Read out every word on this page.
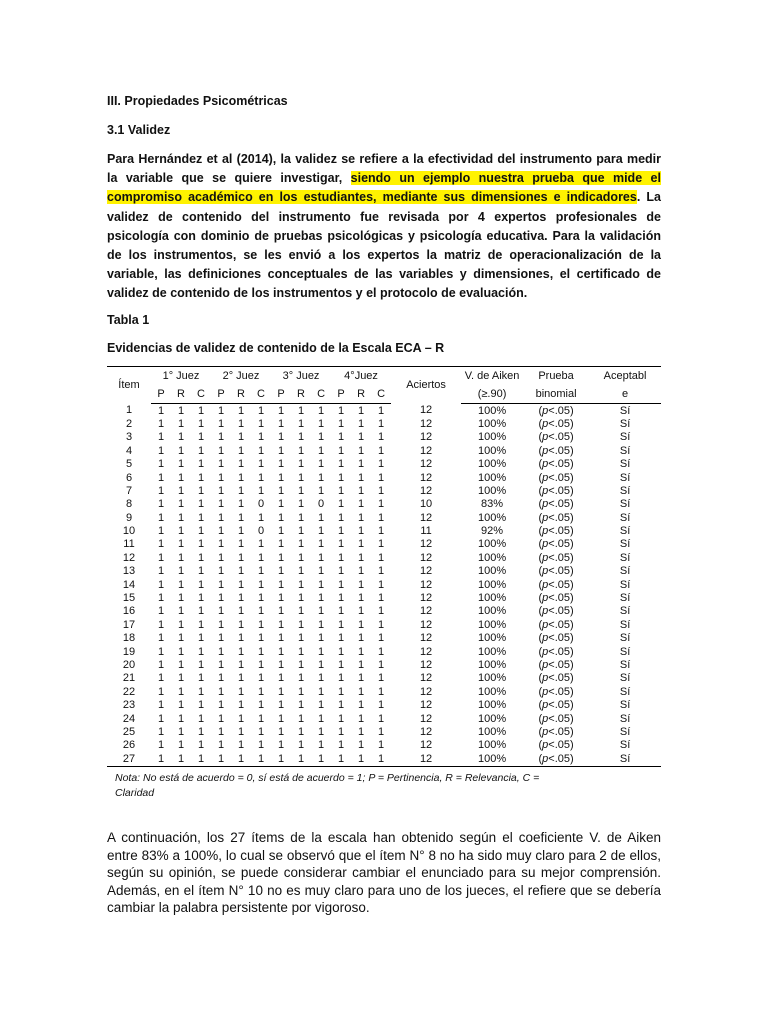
III. Propiedades Psicométricas
3.1 Validez
Para Hernández et al (2014), la validez se refiere a la efectividad del instrumento para medir la variable que se quiere investigar, siendo un ejemplo nuestra prueba que mide el compromiso académico en los estudiantes, mediante sus dimensiones e indicadores. La validez de contenido del instrumento fue revisada por 4 expertos profesionales de psicología con dominio de pruebas psicológicas y psicología educativa. Para la validación de los instrumentos, se les envió a los expertos la matriz de operacionalización de la variable, las definiciones conceptuales de las variables y dimensiones, el certificado de validez de contenido de los instrumentos y el protocolo de evaluación.
Tabla 1
Evidencias de validez de contenido de la Escala ECA – R
Ítem	1° Juez			2° Juez			3° Juez			4°Juez			Aciertos	V. de Aiken	Prueba	Aceptabl
	P	R	C	P	R	C	P	R	C	P	R	C		(≥.90)	binomial	e
1	1	1	1	1	1	1	1	1	1	1	1	1	12	100%	(p<.05)	Sí
2	1	1	1	1	1	1	1	1	1	1	1	1	12	100%	(p<.05)	Sí
3	1	1	1	1	1	1	1	1	1	1	1	1	12	100%	(p<.05)	Sí
4	1	1	1	1	1	1	1	1	1	1	1	1	12	100%	(p<.05)	Sí
5	1	1	1	1	1	1	1	1	1	1	1	1	12	100%	(p<.05)	Sí
6	1	1	1	1	1	1	1	1	1	1	1	1	12	100%	(p<.05)	Sí
7	1	1	1	1	1	1	1	1	1	1	1	1	12	100%	(p<.05)	Sí
8	1	1	1	1	1	0	1	1	0	1	1	1	10	83%	(p<.05)	Sí
9	1	1	1	1	1	1	1	1	1	1	1	1	12	100%	(p<.05)	Sí
10	1	1	1	1	1	0	1	1	1	1	1	1	11	92%	(p<.05)	Sí
11	1	1	1	1	1	1	1	1	1	1	1	1	12	100%	(p<.05)	Sí
12	1	1	1	1	1	1	1	1	1	1	1	1	12	100%	(p<.05)	Sí
13	1	1	1	1	1	1	1	1	1	1	1	1	12	100%	(p<.05)	Sí
14	1	1	1	1	1	1	1	1	1	1	1	1	12	100%	(p<.05)	Sí
15	1	1	1	1	1	1	1	1	1	1	1	1	12	100%	(p<.05)	Sí
16	1	1	1	1	1	1	1	1	1	1	1	1	12	100%	(p<.05)	Sí
17	1	1	1	1	1	1	1	1	1	1	1	1	12	100%	(p<.05)	Sí
18	1	1	1	1	1	1	1	1	1	1	1	1	12	100%	(p<.05)	Sí
19	1	1	1	1	1	1	1	1	1	1	1	1	12	100%	(p<.05)	Sí
20	1	1	1	1	1	1	1	1	1	1	1	1	12	100%	(p<.05)	Sí
21	1	1	1	1	1	1	1	1	1	1	1	1	12	100%	(p<.05)	Sí
22	1	1	1	1	1	1	1	1	1	1	1	1	12	100%	(p<.05)	Sí
23	1	1	1	1	1	1	1	1	1	1	1	1	12	100%	(p<.05)	Sí
24	1	1	1	1	1	1	1	1	1	1	1	1	12	100%	(p<.05)	Sí
25	1	1	1	1	1	1	1	1	1	1	1	1	12	100%	(p<.05)	Sí
26	1	1	1	1	1	1	1	1	1	1	1	1	12	100%	(p<.05)	Sí
27	1	1	1	1	1	1	1	1	1	1	1	1	12	100%	(p<.05)	Sí
Nota: No está de acuerdo = 0, sí está de acuerdo = 1; P = Pertinencia, R = Relevancia, C = Claridad
A continuación, los 27 ítems de la escala han obtenido según el coeficiente V. de Aiken entre 83% a 100%, lo cual se observó que el ítem N° 8 no ha sido muy claro para 2 de ellos, según su opinión, se puede considerar cambiar el enunciado para su mejor comprensión. Además, en el ítem N° 10 no es muy claro para uno de los jueces, el refiere que se debería cambiar la palabra persistente por vigoroso.
